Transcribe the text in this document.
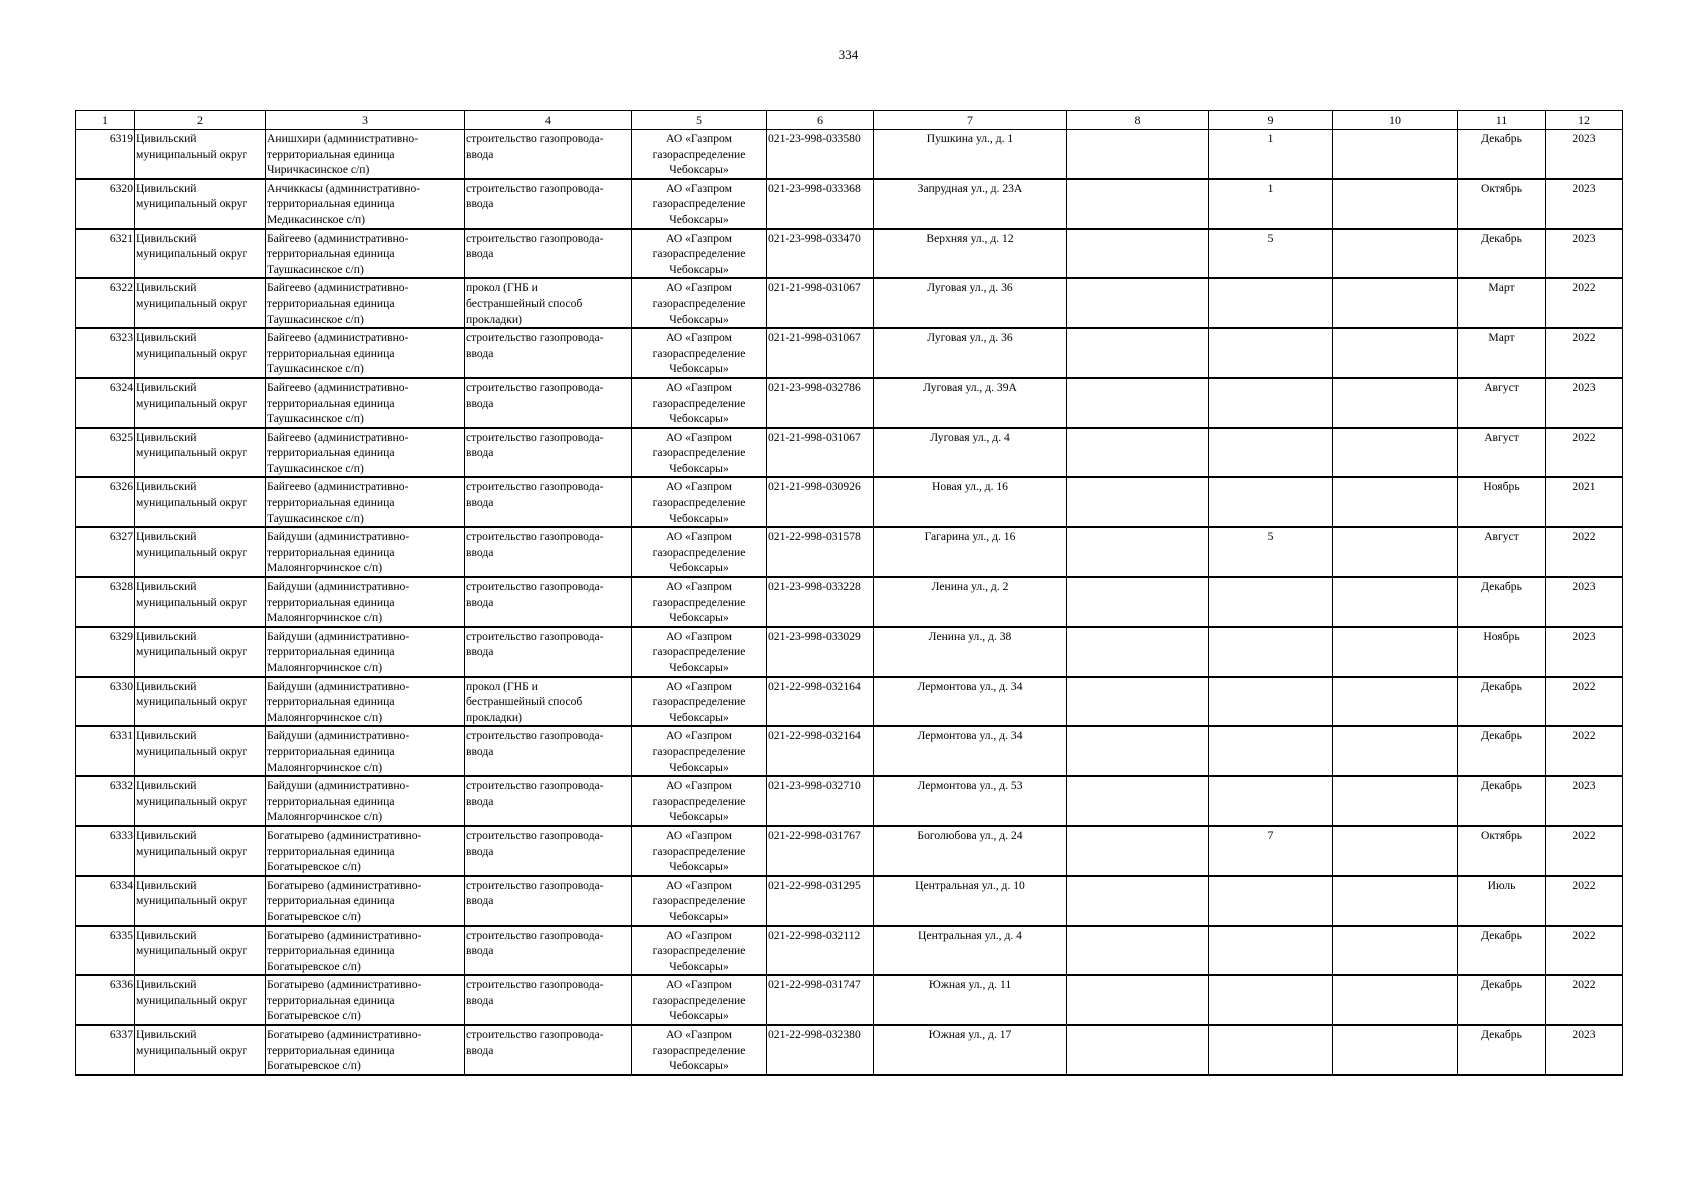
334
1	2	3	4	5	6	7	8	9	10	11	12

6319	Цивильский
муниципальный округ	Анишхири (административно-
территориальная единица
Чиричкасинское с/п)	строительство газопровода-
ввода	АО «Газпром
газораспределение
Чебоксары»	021-23-998-033580	Пушкина ул., д. 1		1		Декабрь	2023

6320	Цивильский
муниципальный округ	Анчиккасы (административно-
территориальная единица
Медикасинское с/п)	строительство газопровода-
ввода	АО «Газпром
газораспределение
Чебоксары»	021-23-998-033368	Запрудная ул., д. 23А		1		Октябрь	2023

6321	Цивильский
муниципальный округ	Байгеево (административно-
территориальная единица
Таушкасинское с/п)	строительство газопровода-
ввода	АО «Газпром
газораспределение
Чебоксары»	021-23-998-033470	Верхняя ул., д. 12		5		Декабрь	2023

6322	Цивильский
муниципальный округ	Байгеево (административно-
территориальная единица
Таушкасинское с/п)	прокол (ГНБ и
бестраншейный способ
прокладки)	АО «Газпром
газораспределение
Чебоксары»	021-21-998-031067	Луговая ул., д. 36				Март	2022

6323	Цивильский
муниципальный округ	Байгеево (административно-
территориальная единица
Таушкасинское с/п)	строительство газопровода-
ввода	АО «Газпром
газораспределение
Чебоксары»	021-21-998-031067	Луговая ул., д. 36				Март	2022

6324	Цивильский
муниципальный округ	Байгеево (административно-
территориальная единица
Таушкасинское с/п)	строительство газопровода-
ввода	АО «Газпром
газораспределение
Чебоксары»	021-23-998-032786	Луговая ул., д. 39А				Август	2023

6325	Цивильский
муниципальный округ	Байгеево (административно-
территориальная единица
Таушкасинское с/п)	строительство газопровода-
ввода	АО «Газпром
газораспределение
Чебоксары»	021-21-998-031067	Луговая ул., д. 4				Август	2022

6326	Цивильский
муниципальный округ	Байгеево (административно-
территориальная единица
Таушкасинское с/п)	строительство газопровода-
ввода	АО «Газпром
газораспределение
Чебоксары»	021-21-998-030926	Новая ул., д. 16				Ноябрь	2021

6327	Цивильский
муниципальный округ	Байдуши (административно-
территориальная единица
Малоянгорчинское с/п)	строительство газопровода-
ввода	АО «Газпром
газораспределение
Чебоксары»	021-22-998-031578	Гагарина ул., д. 16		5		Август	2022

6328	Цивильский
муниципальный округ	Байдуши (административно-
территориальная единица
Малоянгорчинское с/п)	строительство газопровода-
ввода	АО «Газпром
газораспределение
Чебоксары»	021-23-998-033228	Ленина ул., д. 2				Декабрь	2023

6329	Цивильский
муниципальный округ	Байдуши (административно-
территориальная единица
Малоянгорчинское с/п)	строительство газопровода-
ввода	АО «Газпром
газораспределение
Чебоксары»	021-23-998-033029	Ленина ул., д. 38				Ноябрь	2023

6330	Цивильский
муниципальный округ	Байдуши (административно-
территориальная единица
Малоянгорчинское с/п)	прокол (ГНБ и
бестраншейный способ
прокладки)	АО «Газпром
газораспределение
Чебоксары»	021-22-998-032164	Лермонтова ул., д. 34				Декабрь	2022

6331	Цивильский
муниципальный округ	Байдуши (административно-
территориальная единица
Малоянгорчинское с/п)	строительство газопровода-
ввода	АО «Газпром
газораспределение
Чебоксары»	021-22-998-032164	Лермонтова ул., д. 34				Декабрь	2022

6332	Цивильский
муниципальный округ	Байдуши (административно-
территориальная единица
Малоянгорчинское с/п)	строительство газопровода-
ввода	АО «Газпром
газораспределение
Чебоксары»	021-23-998-032710	Лермонтова ул., д. 53				Декабрь	2023

6333	Цивильский
муниципальный округ	Богатырево (административно-
территориальная единица
Богатыревское с/п)	строительство газопровода-
ввода	АО «Газпром
газораспределение
Чебоксары»	021-22-998-031767	Боголюбова ул., д. 24		7		Октябрь	2022

6334	Цивильский
муниципальный округ	Богатырево (административно-
территориальная единица
Богатыревское с/п)	строительство газопровода-
ввода	АО «Газпром
газораспределение
Чебоксары»	021-22-998-031295	Центральная ул., д. 10				Июль	2022

6335	Цивильский
муниципальный округ	Богатырево (административно-
территориальная единица
Богатыревское с/п)	строительство газопровода-
ввода	АО «Газпром
газораспределение
Чебоксары»	021-22-998-032112	Центральная ул., д. 4				Декабрь	2022

6336	Цивильский
муниципальный округ	Богатырево (административно-
территориальная единица
Богатыревское с/п)	строительство газопровода-
ввода	АО «Газпром
газораспределение
Чебоксары»	021-22-998-031747	Южная ул., д. 11				Декабрь	2022

6337	Цивильский
муниципальный округ	Богатырево (административно-
территориальная единица
Богатыревское с/п)	строительство газопровода-
ввода	АО «Газпром
газораспределение
Чебоксары»	021-22-998-032380	Южная ул., д. 17				Декабрь	2023
